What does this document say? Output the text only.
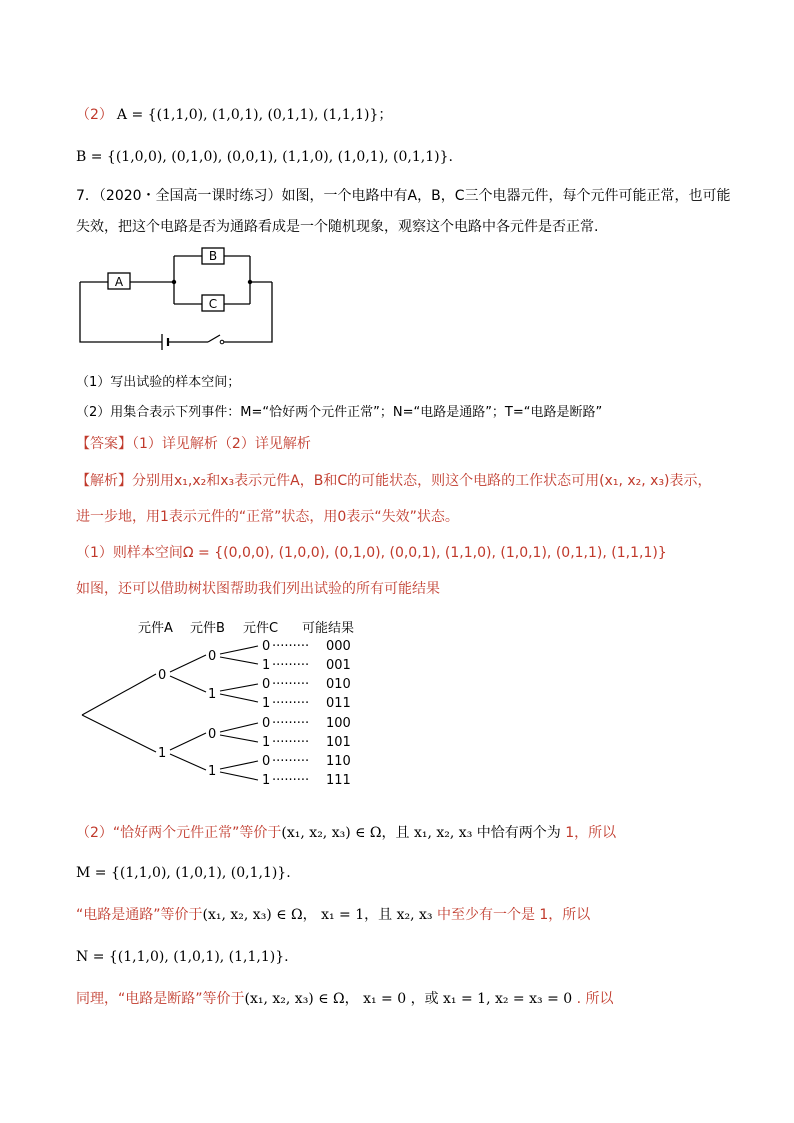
（2） A = {(1,1,0), (1,0,1), (0,1,1), (1,1,1)}；
B = {(1,0,0), (0,1,0), (0,0,1), (1,1,0), (1,0,1), (0,1,1)}.
7．（2020・全国高一课时练习）如图，一个电路中有A，B，C三个电器元件，每个元件可能正常，也可能
失效，把这个电路是否为通路看成是一个随机现象，观察这个电路中各元件是否正常.
A
B
C
（1）写出试验的样本空间；
（2）用集合表示下列事件：M=“恰好两个元件正常”；N=“电路是通路”；T=“电路是断路”
【答案】（1）详见解析（2）详见解析
【解析】分别用x₁,x₂和x₃表示元件A，B和C的可能状态，则这个电路的工作状态可用(x₁, x₂, x₃)表示，
进一步地，用1表示元件的“正常”状态，用0表示“失效”状态。
（1）则样本空间Ω = {(0,0,0), (1,0,0), (0,1,0), (0,0,1), (1,1,0), (1,0,1), (0,1,1), (1,1,1)}
如图，还可以借助树状图帮助我们列出试验的所有可能结果
元件A 元件B 元件C 可能结果
0
1
0
1
0
1
0
1
0
1
0
1
0
1
·········
·········
·········
·········
·········
·········
·········
·········
000
001
010
011
100
101
110
111
（2）“恰好两个元件正常”等价于(x₁, x₂, x₃) ∈ Ω，且 x₁, x₂, x₃ 中恰有两个为 1，所以
M = {(1,1,0), (1,0,1), (0,1,1)}.
“电路是通路”等价于(x₁, x₂, x₃) ∈ Ω， x₁ = 1，且 x₂, x₃ 中至少有一个是 1，所以
N = {(1,1,0), (1,0,1), (1,1,1)}.
同理，“电路是断路”等价于(x₁, x₂, x₃) ∈ Ω， x₁ = 0 ，或 x₁ = 1, x₂ = x₃ = 0 . 所以
